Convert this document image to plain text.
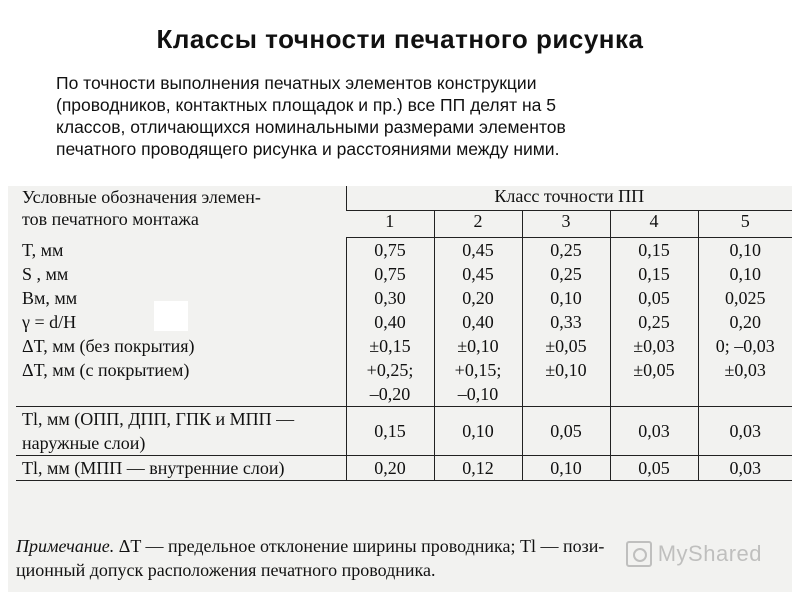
Классы точности печатного рисунка
По точности выполнения печатных элементов конструкции
(проводников, контактных площадок и пр.) все ПП делят на 5
классов, отличающихся номинальными размерами элементов
печатного проводящего рисунка и расстояниями между ними.
Условные обозначения элемен-
тов печатного монтажа	Класс точности ПП				
	1	2	3	4	5
T, мм	0,75	0,45	0,25	0,15	0,10
S , мм	0,75	0,45	0,25	0,15	0,10
Bм, мм	0,30	0,20	0,10	0,05	0,025
γ = d/H	0,40	0,40	0,33	0,25	0,20
ΔT, мм (без покрытия)	±0,15	±0,10	±0,05	±0,03	0; –0,03
ΔT, мм (с покрытием)	+0,25;
–0,20	+0,15;
–0,10	±0,10	±0,05	±0,03
Tl, мм (ОПП, ДПП, ГПК и МПП —
наружные слои)	0,15	0,10	0,05	0,03	0,03
Tl, мм (МПП — внутренние слои)	0,20	0,12	0,10	0,05	0,03
Примечание. ΔT — предельное отклонение ширины проводника; Tl — пози-
ционный допуск расположения печатного проводника.
MyShared
